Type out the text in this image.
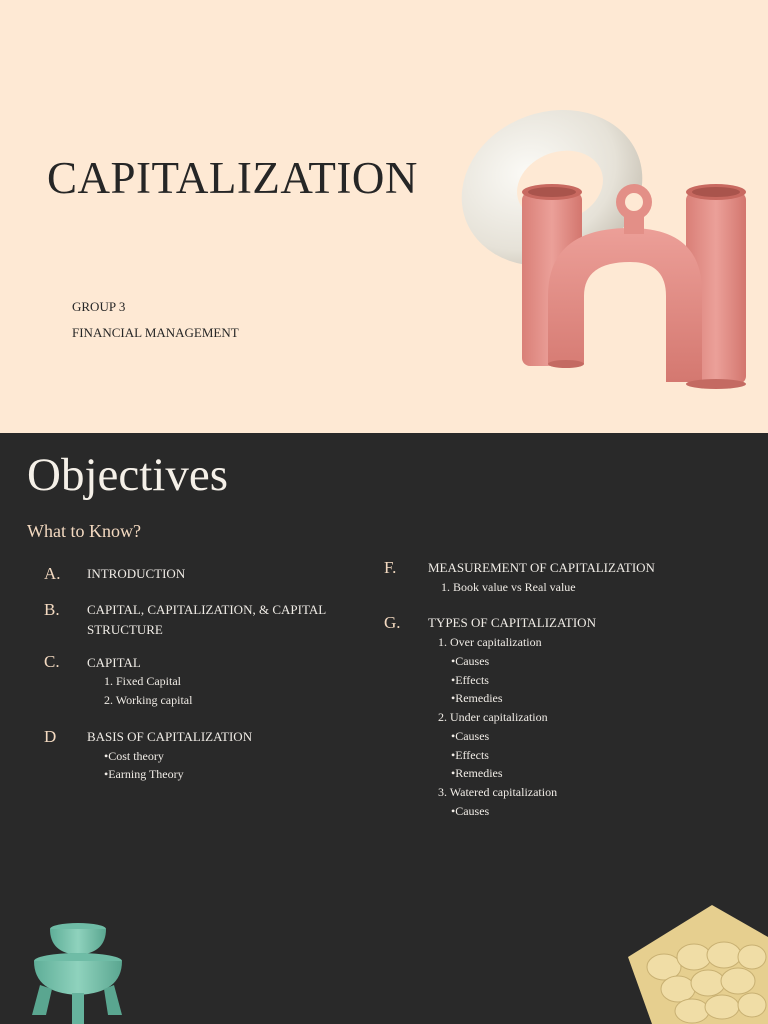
CAPITALIZATION
GROUP 3
FINANCIAL MANAGEMENT
Objectives
What to Know?
A. INTRODUCTION
B. CAPITAL, CAPITALIZATION, & CAPITAL
STRUCTURE
C. CAPITAL
1. Fixed Capital
2. Working capital
D BASIS OF CAPITALIZATION
•Cost theory
•Earning Theory
F. MEASUREMENT OF CAPITALIZATION
1. Book value vs Real value
G. TYPES OF CAPITALIZATION
1. Over capitalization
•Causes
•Effects
•Remedies
2. Under capitalization
•Causes
•Effects
•Remedies
3. Watered capitalization
•Causes
